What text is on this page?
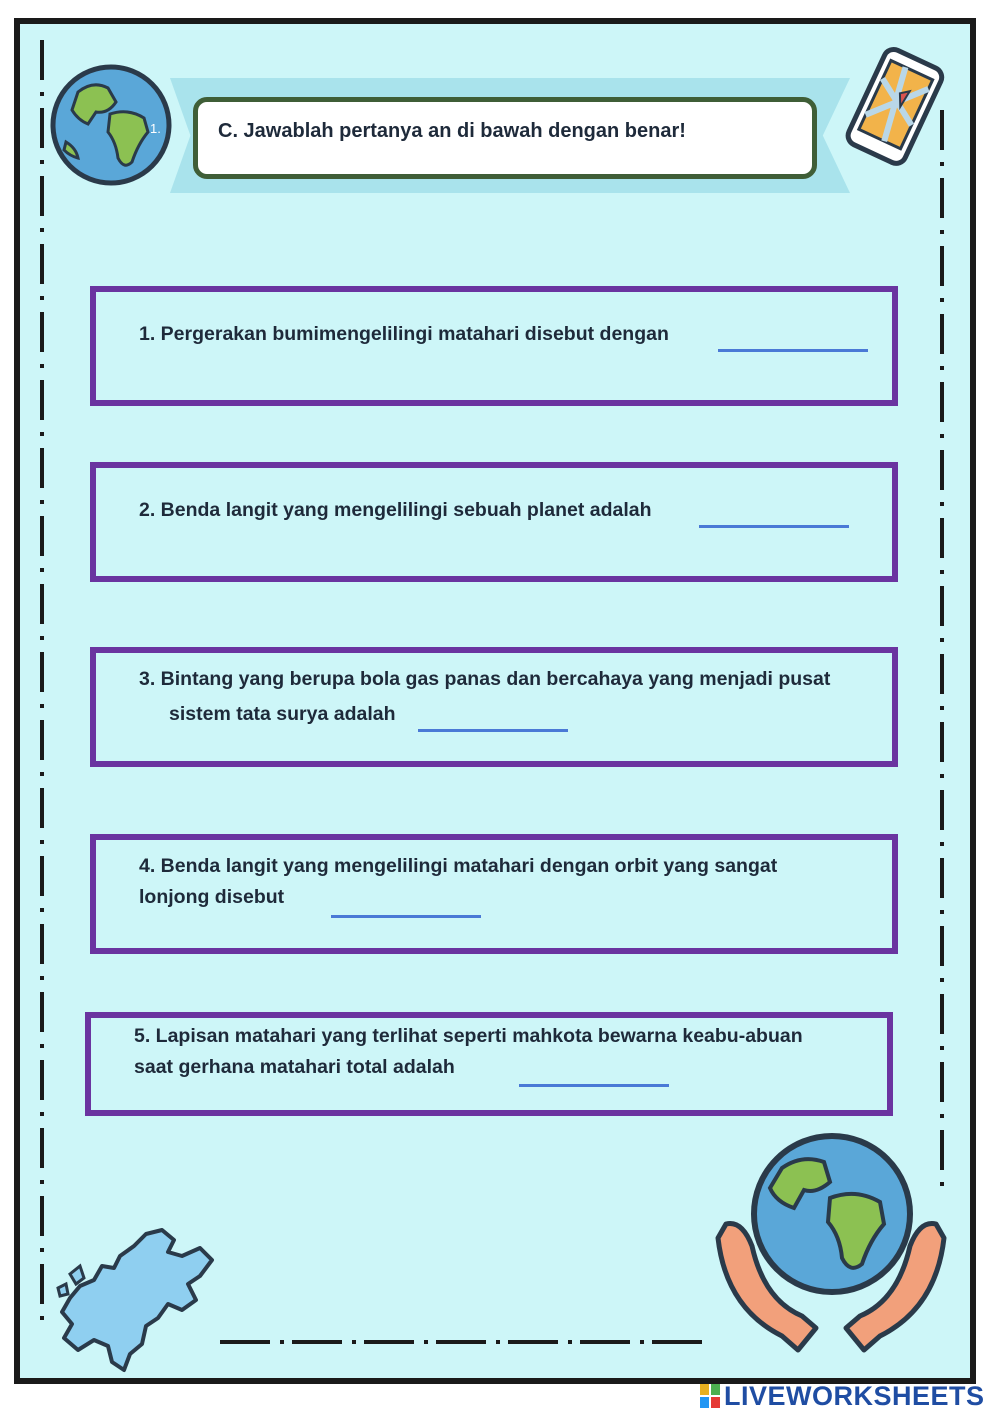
1.	C. Jawablah pertanya an di bawah dengan benar!
1. Pergerakan bumimengelilingi matahari disebut dengan
2. Benda langit yang mengelilingi sebuah planet adalah
3. Bintang yang berupa bola gas panas dan bercahaya yang menjadi pusat
sistem tata surya adalah
4. Benda langit yang mengelilingi matahari dengan orbit yang sangat
lonjong disebut
5. Lapisan matahari yang terlihat seperti mahkota bewarna keabu-abuan
saat gerhana matahari total adalah
LIVEWORKSHEETS
